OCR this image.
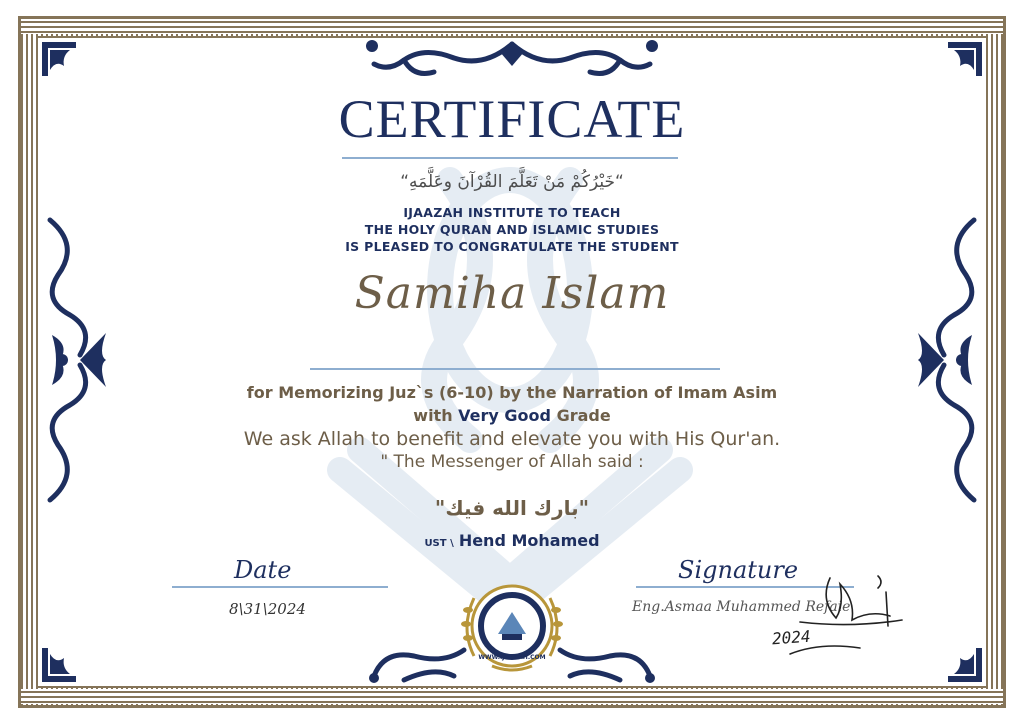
CERTIFICATE
“خَيْرُكُمْ مَنْ تَعَلَّمَ القُرْآنَ وعَلَّمَهِ“
IJAAZAH INSTITUTE TO TEACH
THE HOLY QURAN AND ISLAMIC STUDIES
IS PLEASED TO CONGRATULATE THE STUDENT
Samiha Islam
for Memorizing Juz`s (6-10) by the Narration of Imam Asim
with Very Good Grade
We ask Allah to benefit and elevate you with His Qur'an.
" The Messenger of Allah said :
"بارك الله فيك"
UST \ Hend Mohamed
Date
8\31\2024
Signature
Eng.Asmaa Muhammed Refaie
2024
WWW.IJAAZAH.COM
